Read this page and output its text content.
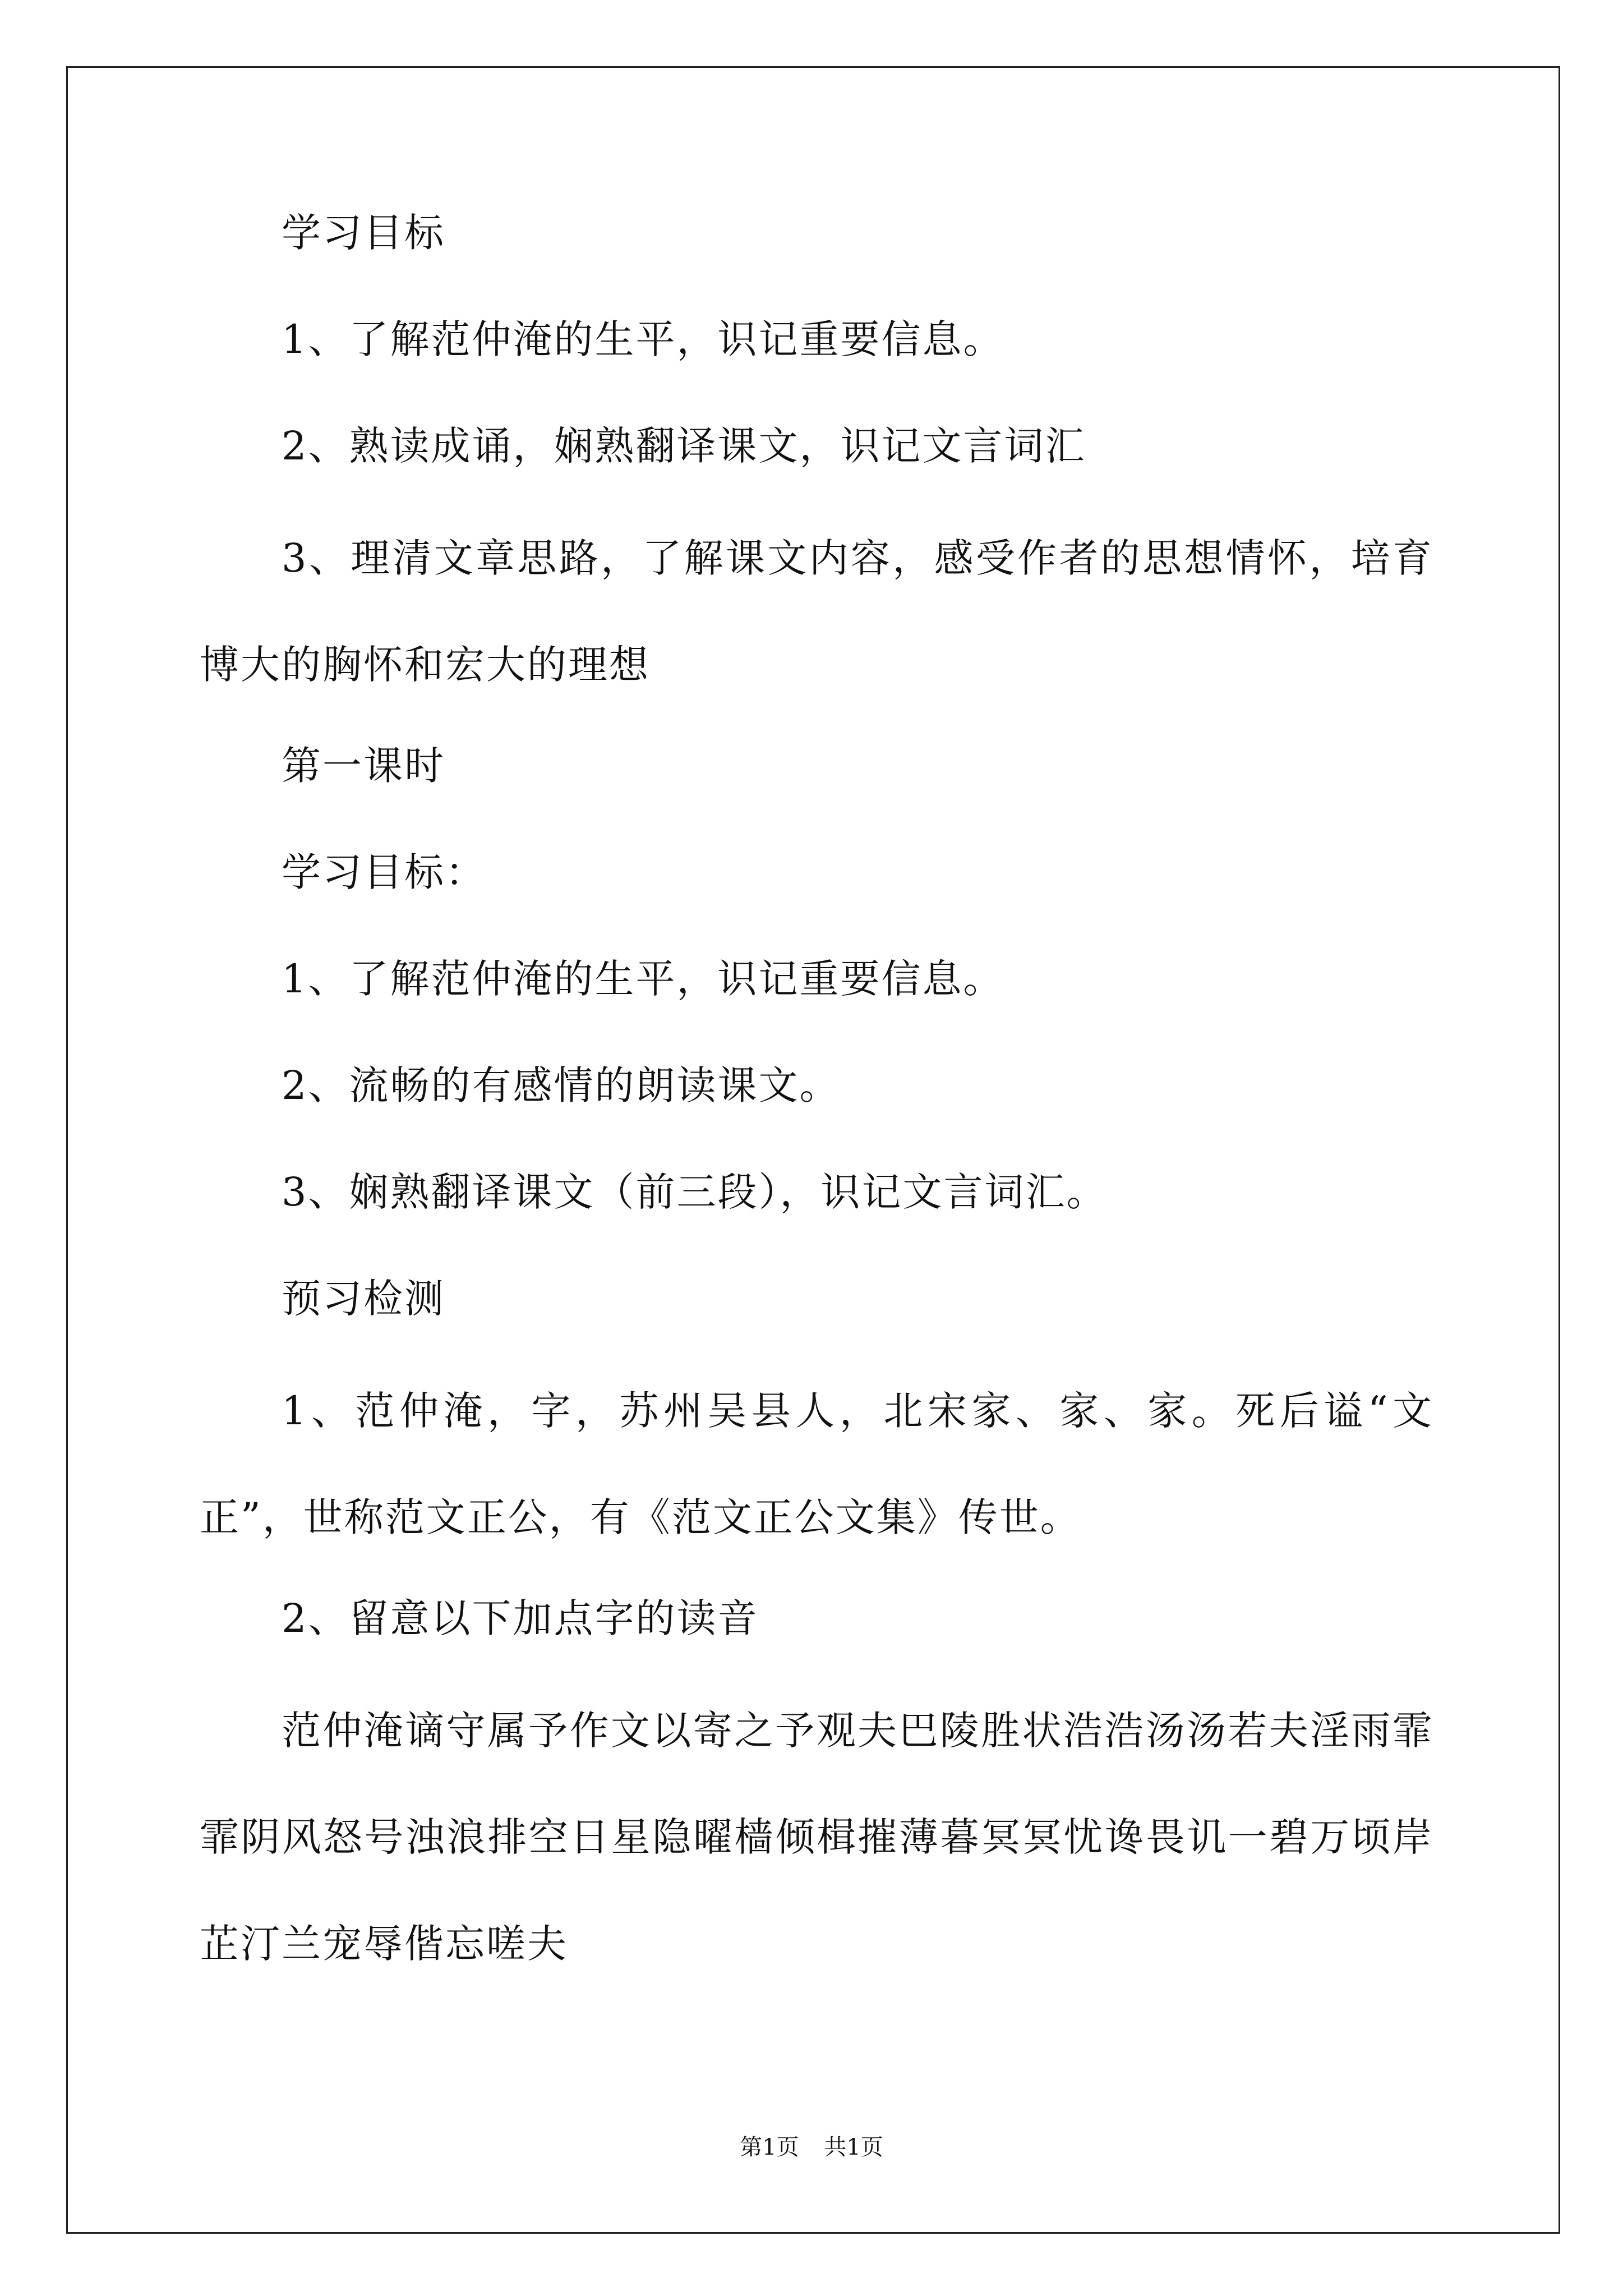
学习目标
1、了解范仲淹的生平，识记重要信息。
2、熟读成诵，娴熟翻译课文，识记文言词汇
3、理清文章思路，了解课文内容，感受作者的思想情怀，培育博大的胸怀和宏大的理想
第一课时
学习目标：
1、了解范仲淹的生平，识记重要信息。
2、流畅的有感情的朗读课文。
3、娴熟翻译课文（前三段），识记文言词汇。
预习检测
1、范仲淹，字，苏州吴县人，北宋家、家、家。死后谥“文正”，世称范文正公，有《范文正公文集》传世。
2、留意以下加点字的读音
范仲淹谪守属予作文以寄之予观夫巴陵胜状浩浩汤汤若夫淫雨霏霏阴风怒号浊浪排空日星隐曜樯倾楫摧薄暮冥冥忧谗畏讥一碧万顷岸芷汀兰宠辱偕忘嗟夫
第1页 共1页
